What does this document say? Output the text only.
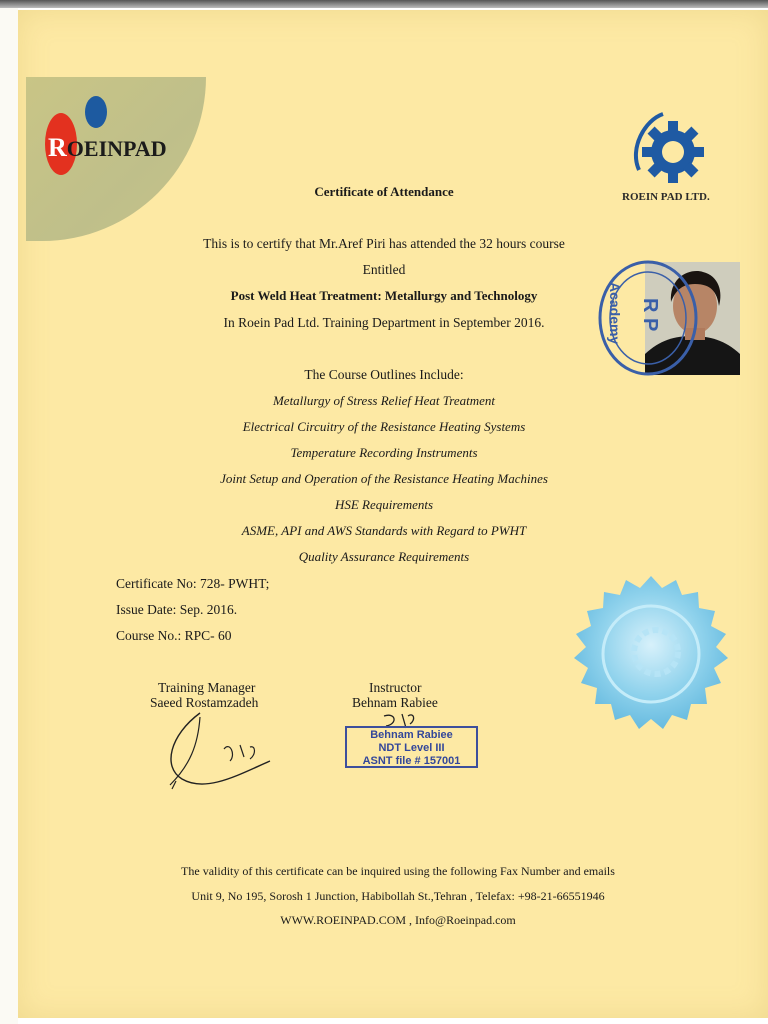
ROEINPAD
ROEIN PAD LTD.
Certificate of Attendance
This is to certify that Mr.Aref Piri has attended the 32 hours course
Entitled
Post Weld Heat Treatment: Metallurgy and Technology
In Roein Pad Ltd. Training Department in September 2016.	R P
Academy
The Course Outlines Include:
Metallurgy of Stress Relief Heat Treatment
Electrical Circuitry of the Resistance Heating Systems
Temperature Recording Instruments
Joint Setup and Operation of the Resistance Heating Machines
HSE Requirements
ASME, API and AWS Standards with Regard to PWHT
Quality Assurance Requirements
Certificate No: 728- PWHT;
Issue Date: Sep. 2016.
Course No.: RPC- 60
Training Manager
Saeed Rostamzadeh
Instructor
Behnam Rabiee
Behnam Rabiee
NDT Level III
ASNT file # 157001
The validity of this certificate can be inquired using the following Fax Number and emails
Unit 9, No 195, Sorosh 1 Junction, Habibollah St.,Tehran , Telefax: +98-21-66551946
WWW.ROEINPAD.COM , Info@Roeinpad.com
